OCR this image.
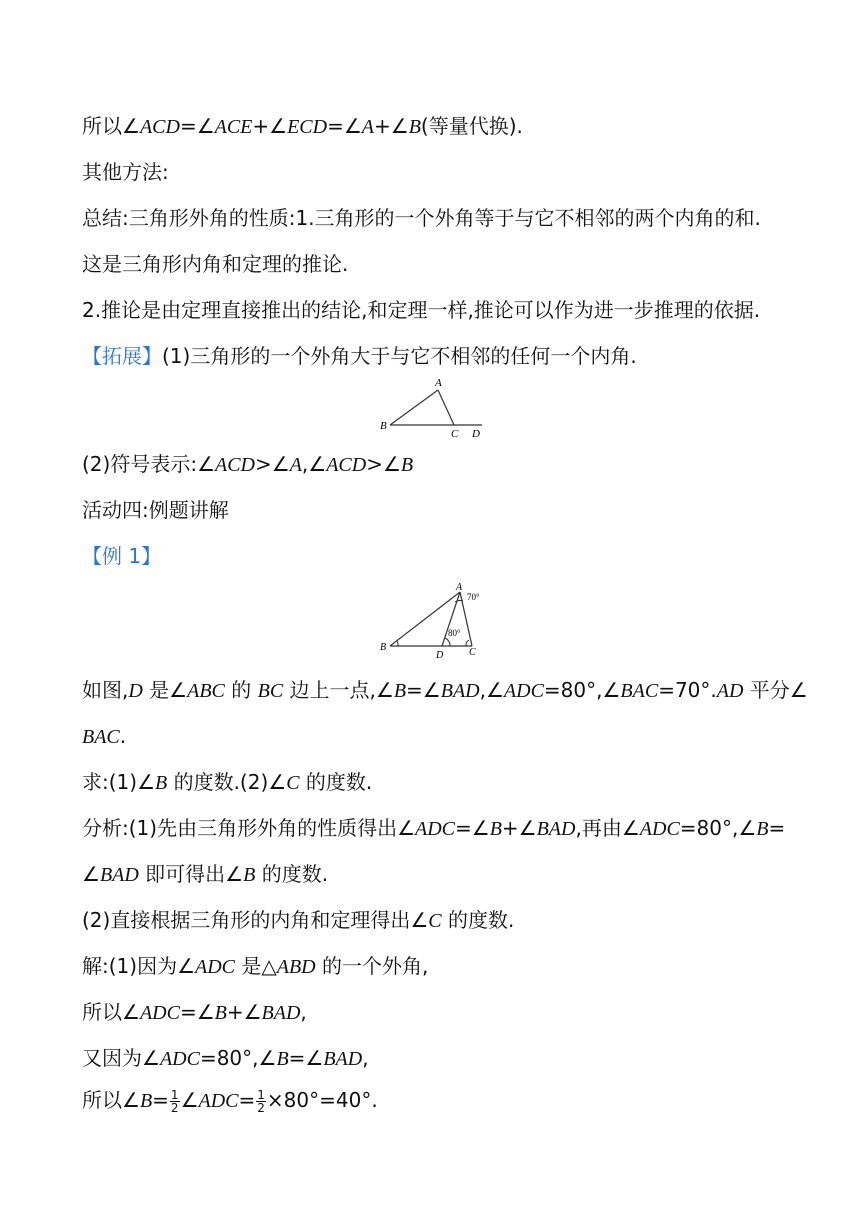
所以∠ACD=∠ACE+∠ECD=∠A+∠B(等量代换).
其他方法:
总结:三角形外角的性质:1.三角形的一个外角等于与它不相邻的两个内角的和.
这是三角形内角和定理的推论.
2.推论是由定理直接推出的结论,和定理一样,推论可以作为进一步推理的依据.
【拓展】(1)三角形的一个外角大于与它不相邻的任何一个内角.
A
B
C D
(2)符号表示:∠ACD>∠A,∠ACD>∠B
活动四:例题讲解
【例 1】
A
B
D	C
70°
80°
如图,D 是∠ABC 的 BC 边上一点,∠B=∠BAD,∠ADC=80°,∠BAC=70°.AD 平分∠
BAC.
求:(1)∠B 的度数.(2)∠C 的度数.
分析:(1)先由三角形外角的性质得出∠ADC=∠B+∠BAD,再由∠ADC=80°,∠B=
∠BAD 即可得出∠B 的度数.
(2)直接根据三角形的内角和定理得出∠C 的度数.
解:(1)因为∠ADC 是△ABD 的一个外角,
所以∠ADC=∠B+∠BAD,
又因为∠ADC=80°,∠B=∠BAD,
所以∠B= $\frac{1}{2}$ ∠ADC= $\frac{1}{2} \times 80^\circ=40^\circ$.
